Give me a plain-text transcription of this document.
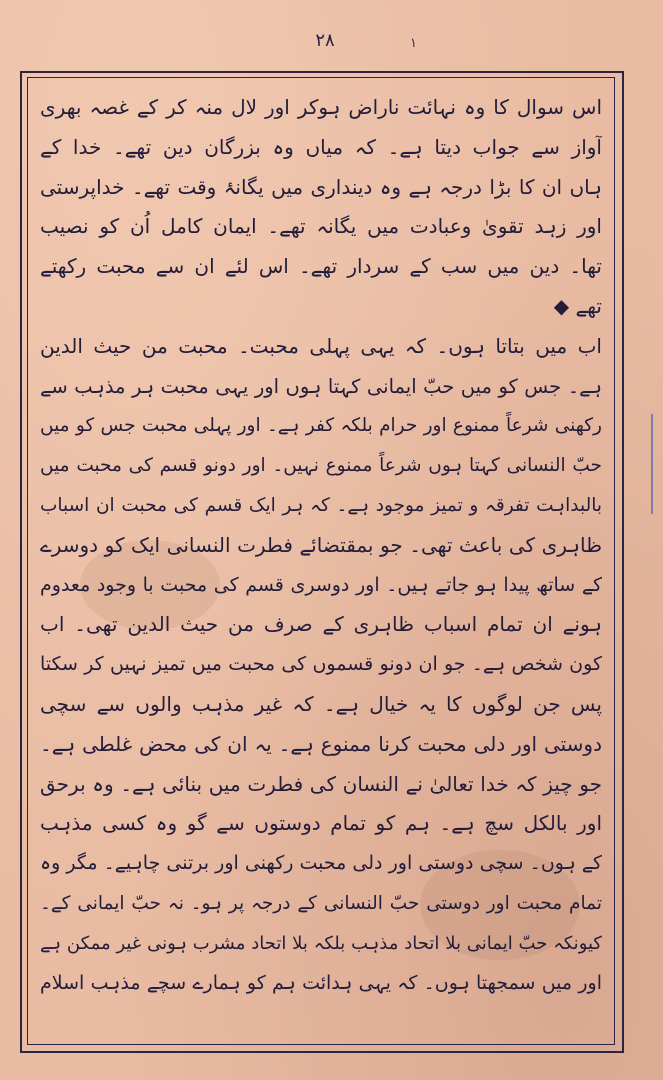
۲۸	۱
اس سوال کا وہ نہائت ناراض ہوکر اور لال منہ کر کے غصہ بھری
آواز سے جواب دیتا ہے۔ کہ میاں وہ بزرگان دین تھے۔ خدا کے
ہاں ان کا بڑا درجہ ہے وہ دینداری میں یگانۂ وقت تھے۔ خداپرستی
اور زہد تقویٰ وعبادت میں یگانہ تھے۔ ایمان کامل اُن کو نصیب
تھا۔ دین میں سب کے سردار تھے۔ اس لئے ان سے محبت رکھتے
تھے ◆
اب میں بتاتا ہوں۔ کہ یہی پہلی محبت۔ محبت من حیث الدین
ہے۔ جس کو میں حبّ ایمانی کہتا ہوں اور یہی محبت ہر مذہب سے
رکھنی شرعاً ممنوع اور حرام بلکہ کفر ہے۔ اور پہلی محبت جس کو میں
حبّ النسانی کہتا ہوں شرعاً ممنوع نہیں۔ اور دونو قسم کی محبت میں
بالبداہت تفرقہ و تمیز موجود ہے۔ کہ ہر ایک قسم کی محبت ان اسباب
ظاہری کی باعث تھی۔ جو بمقتضائے فطرت النسانی ایک کو دوسرے
کے ساتھ پیدا ہو جاتے ہیں۔ اور دوسری قسم کی محبت با وجود معدوم
ہونے ان تمام اسباب ظاہری کے صرف من حیث الدین تھی۔ اب
کون شخص ہے۔ جو ان دونو قسموں کی محبت میں تمیز نہیں کر سکتا
پس جن لوگوں کا یہ خیال ہے۔ کہ غیر مذہب والوں سے سچی
دوستی اور دلی محبت کرنا ممنوع ہے۔ یہ ان کی محض غلطی ہے۔
جو چیز کہ خدا تعالیٰ نے النسان کی فطرت میں بنائی ہے۔ وہ برحق
اور بالکل سچ ہے۔ ہم کو تمام دوستوں سے گو وہ کسی مذہب
کے ہوں۔ سچی دوستی اور دلی محبت رکھنی اور برتنی چاہیے۔ مگر وہ
تمام محبت اور دوستی حبّ النسانی کے درجہ پر ہو۔ نہ حبّ ایمانی کے۔
کیونکہ حبّ ایمانی بلا اتحاد مذہب بلکہ بلا اتحاد مشرب ہونی غیر ممکن ہے
اور میں سمجھتا ہوں۔ کہ یہی ہدائت ہم کو ہمارے سچے مذہب اسلام
